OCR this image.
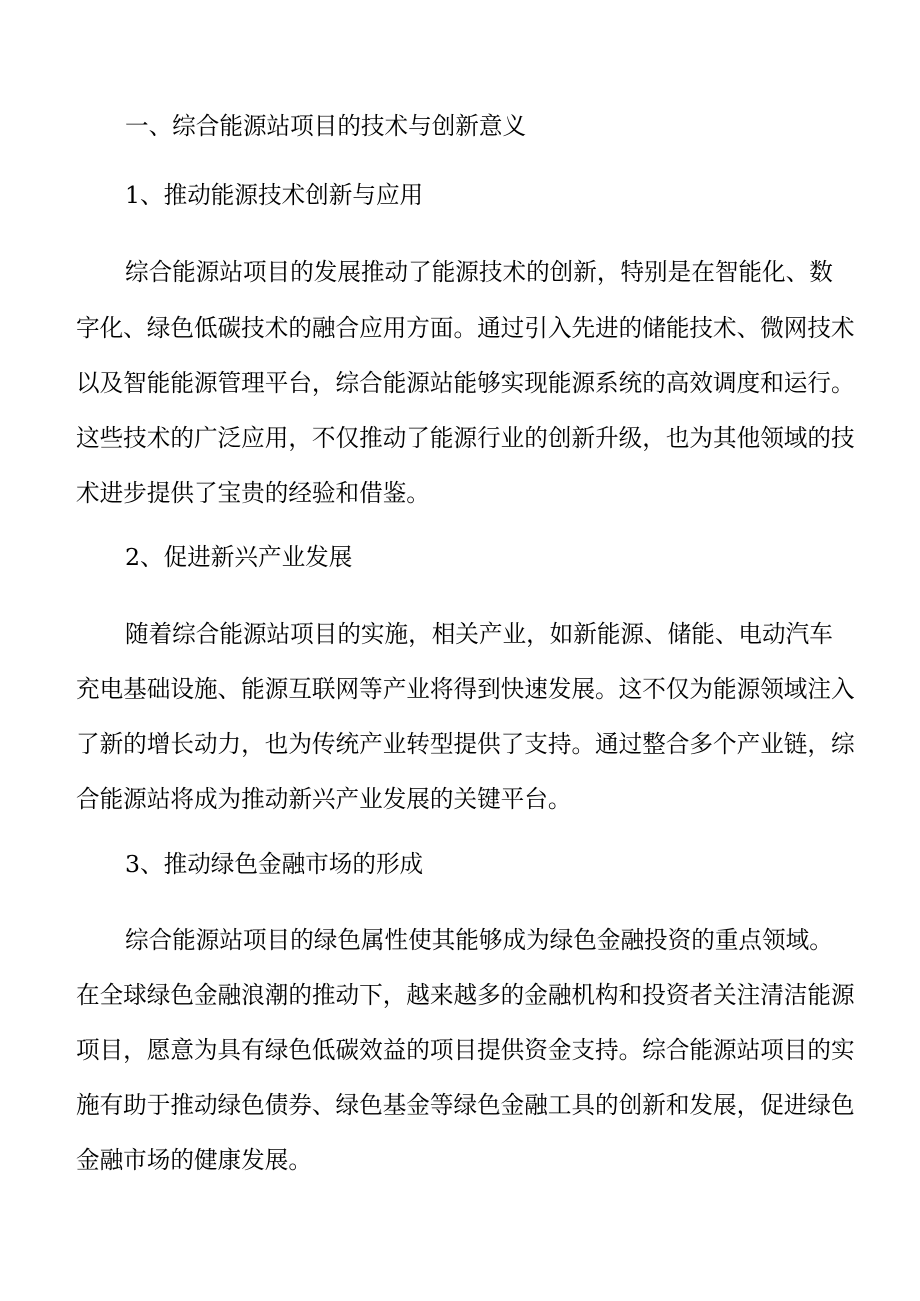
一、综合能源站项目的技术与创新意义
1、推动能源技术创新与应用
综合能源站项目的发展推动了能源技术的创新，特别是在智能化、数
字化、绿色低碳技术的融合应用方面。通过引入先进的储能技术、微网技术
以及智能能源管理平台，综合能源站能够实现能源系统的高效调度和运行。
这些技术的广泛应用，不仅推动了能源行业的创新升级，也为其他领域的技
术进步提供了宝贵的经验和借鉴。
2、促进新兴产业发展
随着综合能源站项目的实施，相关产业，如新能源、储能、电动汽车
充电基础设施、能源互联网等产业将得到快速发展。这不仅为能源领域注入
了新的增长动力，也为传统产业转型提供了支持。通过整合多个产业链，综
合能源站将成为推动新兴产业发展的关键平台。
3、推动绿色金融市场的形成
综合能源站项目的绿色属性使其能够成为绿色金融投资的重点领域。
在全球绿色金融浪潮的推动下，越来越多的金融机构和投资者关注清洁能源
项目，愿意为具有绿色低碳效益的项目提供资金支持。综合能源站项目的实
施有助于推动绿色债券、绿色基金等绿色金融工具的创新和发展，促进绿色
金融市场的健康发展。
